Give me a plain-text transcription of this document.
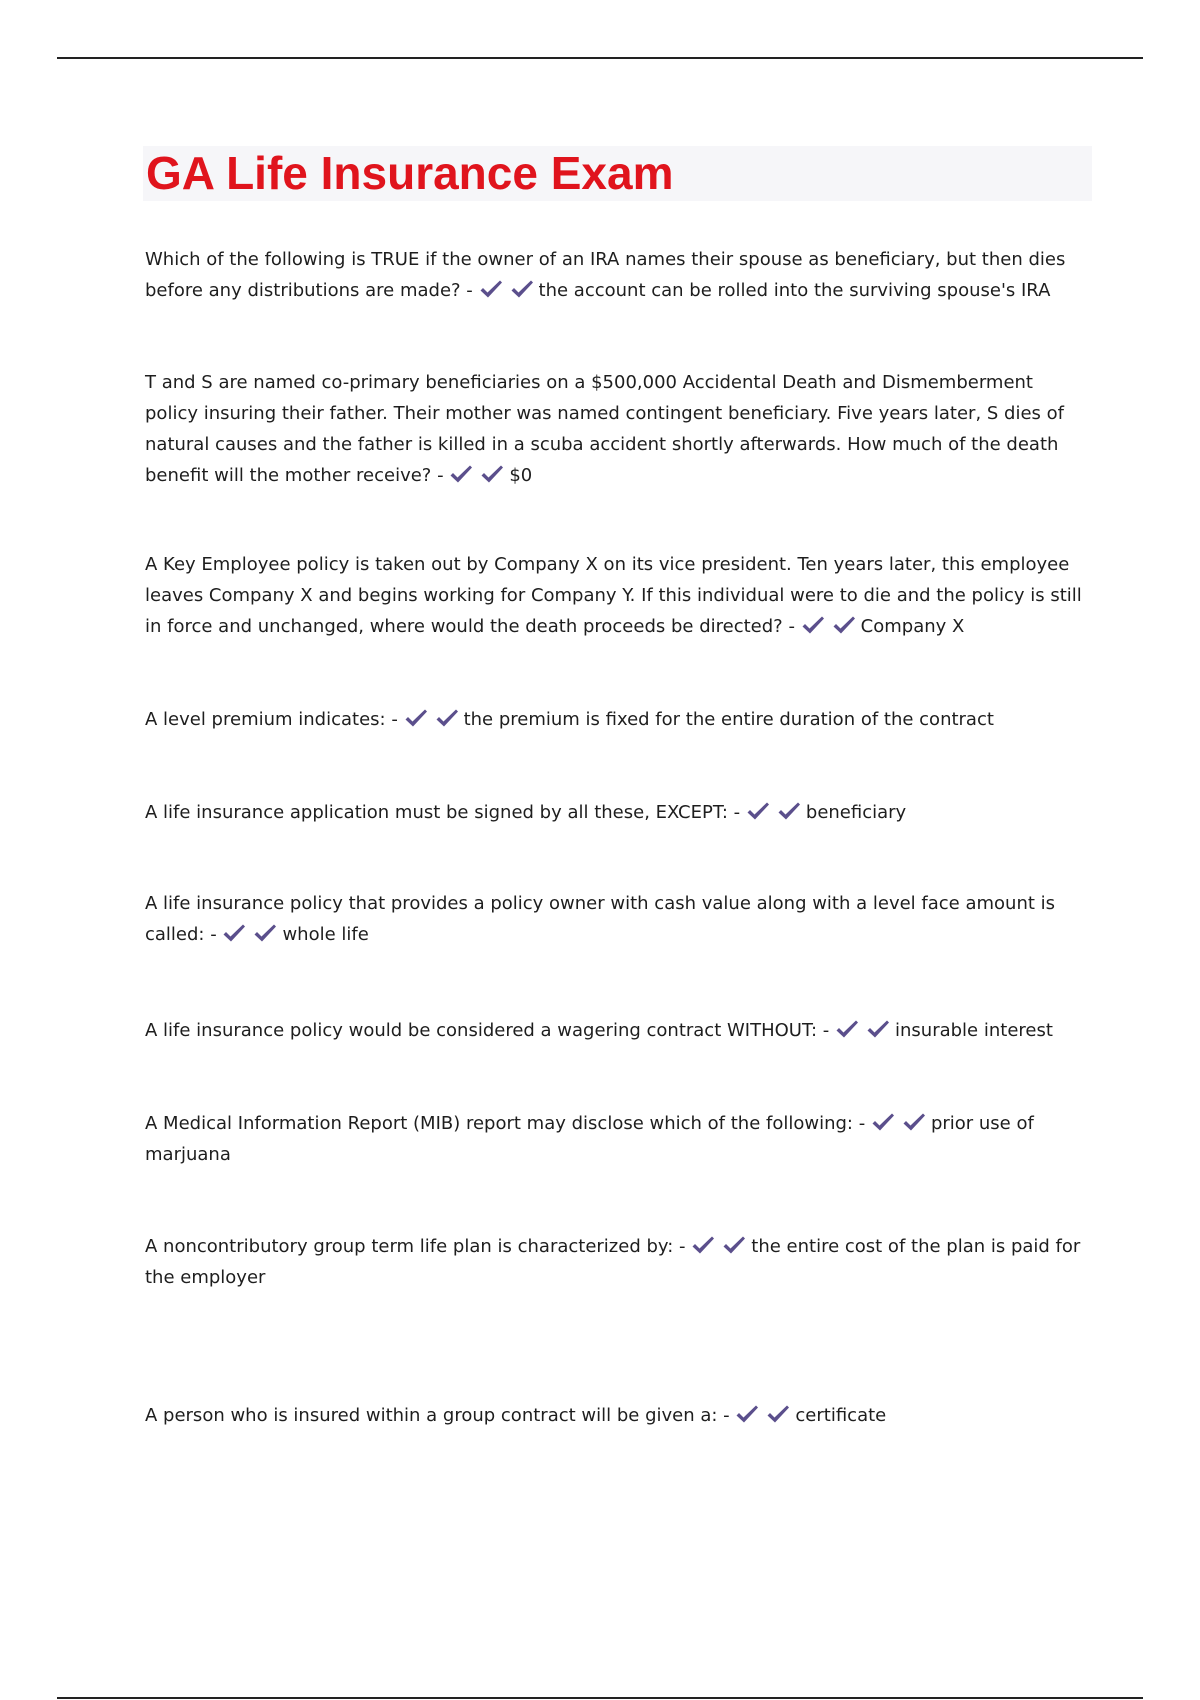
GA Life Insurance Exam
Which of the following is TRUE if the owner of an IRA names their spouse as beneficiary, but then dies before any distributions are made? -	the account can be rolled into the surviving spouse's IRA
T and S are named co-primary beneficiaries on a $500,000 Accidental Death and Dismemberment policy insuring their father. Their mother was named contingent beneficiary. Five years later, S dies of natural causes and the father is killed in a scuba accident shortly afterwards. How much of the death benefit will the mother receive? -	$0
A Key Employee policy is taken out by Company X on its vice president. Ten years later, this employee leaves Company X and begins working for Company Y. If this individual were to die and the policy is still in force and unchanged, where would the death proceeds be directed? -	Company X
A level premium indicates: -	the premium is fixed for the entire duration of the contract
A life insurance application must be signed by all these, EXCEPT: -	beneficiary
A life insurance policy that provides a policy owner with cash value along with a level face amount is called: -	whole life
A life insurance policy would be considered a wagering contract WITHOUT: -	insurable interest
A Medical Information Report (MIB) report may disclose which of the following: -	prior use of marjuana
A noncontributory group term life plan is characterized by: -	the entire cost of the plan is paid for the employer
A person who is insured within a group contract will be given a: -	certificate
